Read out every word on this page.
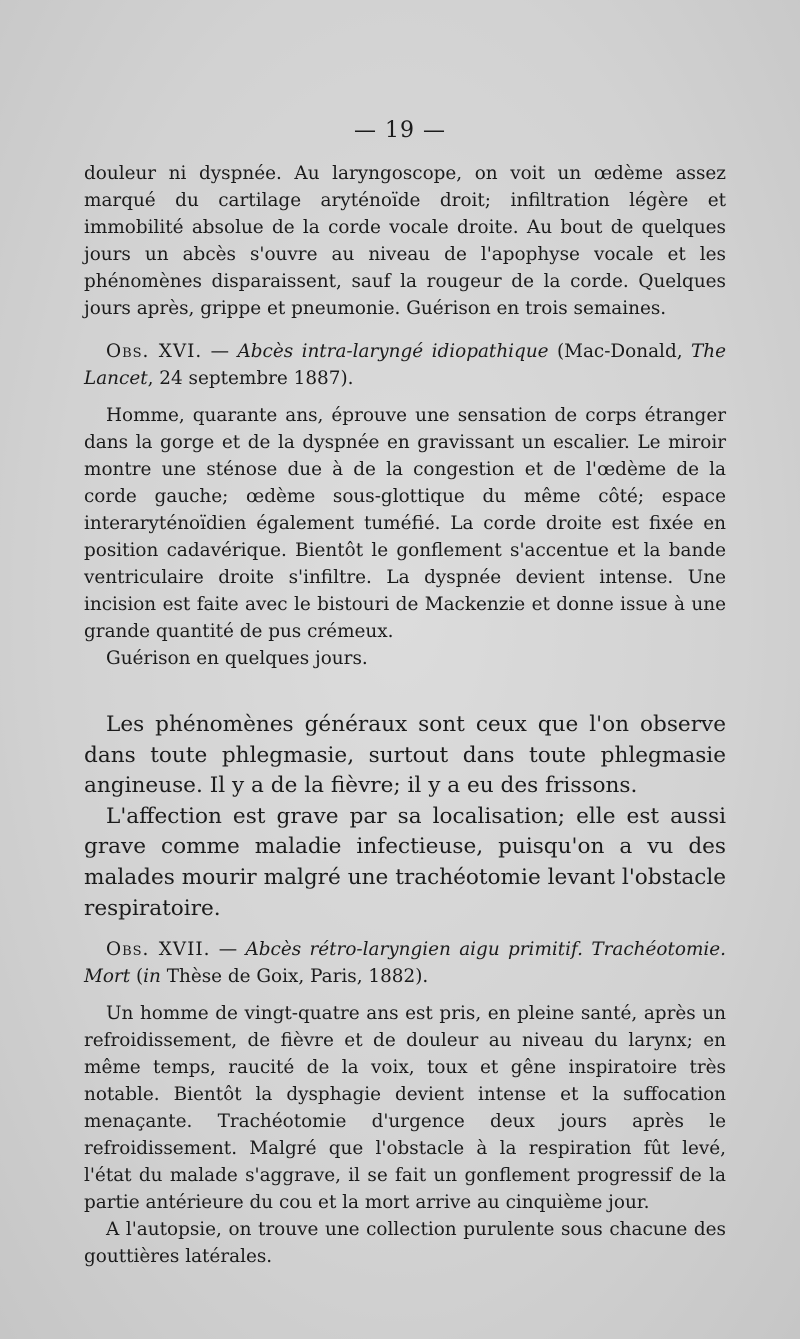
— 19 —

douleur ni dyspnée. Au laryngoscope, on voit un œdème assez marqué du cartilage aryténoïde droit; infiltration légère et immobilité absolue de la corde vocale droite. Au bout de quelques jours un abcès s'ouvre au niveau de l'apophyse vocale et les phénomènes disparaissent, sauf la rougeur de la corde. Quelques jours après, grippe et pneumonie. Guérison en trois semaines.

Obs. XVI. — Abcès intra-laryngé idiopathique (Mac-Donald, The Lancet, 24 septembre 1887).

Homme, quarante ans, éprouve une sensation de corps étranger dans la gorge et de la dyspnée en gravissant un escalier. Le miroir montre une sténose due à de la congestion et de l'œdème de la corde gauche; œdème sous-glottique du même côté; espace interaryténoïdien également tuméfié. La corde droite est fixée en position cadavérique. Bientôt le gonflement s'accentue et la bande ventriculaire droite s'infiltre. La dyspnée devient intense. Une incision est faite avec le bistouri de Mackenzie et donne issue à une grande quantité de pus crémeux.

Guérison en quelques jours.

Les phénomènes généraux sont ceux que l'on observe dans toute phlegmasie, surtout dans toute phlegmasie angineuse. Il y a de la fièvre; il y a eu des frissons.

L'affection est grave par sa localisation; elle est aussi grave comme maladie infectieuse, puisqu'on a vu des malades mourir malgré une trachéotomie levant l'obstacle respiratoire.

Obs. XVII. — Abcès rétro-laryngien aigu primitif. Trachéotomie. Mort (in Thèse de Goix, Paris, 1882).

Un homme de vingt-quatre ans est pris, en pleine santé, après un refroidissement, de fièvre et de douleur au niveau du larynx; en même temps, raucité de la voix, toux et gêne inspiratoire très notable. Bientôt la dysphagie devient intense et la suffocation menaçante. Trachéotomie d'urgence deux jours après le refroidissement. Malgré que l'obstacle à la respiration fût levé, l'état du malade s'aggrave, il se fait un gonflement progressif de la partie antérieure du cou et la mort arrive au cinquième jour.

A l'autopsie, on trouve une collection purulente sous chacune des gouttières latérales.
